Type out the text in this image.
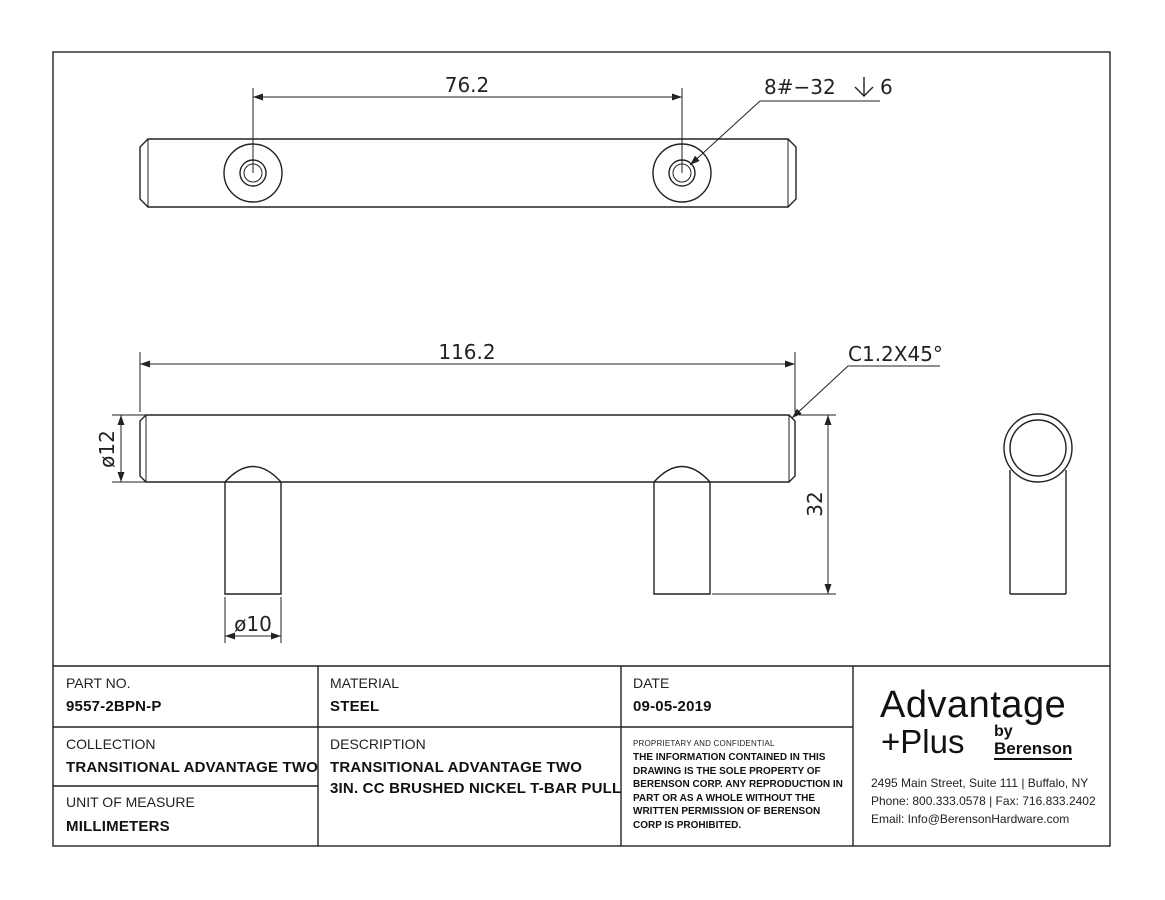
76.2	8#−32 6
116.2	C1.2X45°
ø12
32
ø10
PART NO.
9557-2BPN-P
MATERIAL
STEEL
DATE
09-05-2019
COLLECTION
TRANSITIONAL ADVANTAGE TWO
DESCRIPTION
TRANSITIONAL ADVANTAGE TWO
3IN. CC BRUSHED NICKEL T-BAR PULL
UNIT OF MEASURE
MILLIMETERS
PROPRIETARY AND CONFIDENTIAL
THE INFORMATION CONTAINED IN THIS DRAWING IS THE SOLE PROPERTY OF BERENSON CORP. ANY REPRODUCTION IN PART OR AS A WHOLE WITHOUT THE WRITTEN PERMISSION OF BERENSON CORP IS PROHIBITED.
Advantage
+Plus by
Berenson
2495 Main Street, Suite 111 | Buffalo, NY
Phone: 800.333.0578 | Fax: 716.833.2402
Email: Info@BerensonHardware.com
